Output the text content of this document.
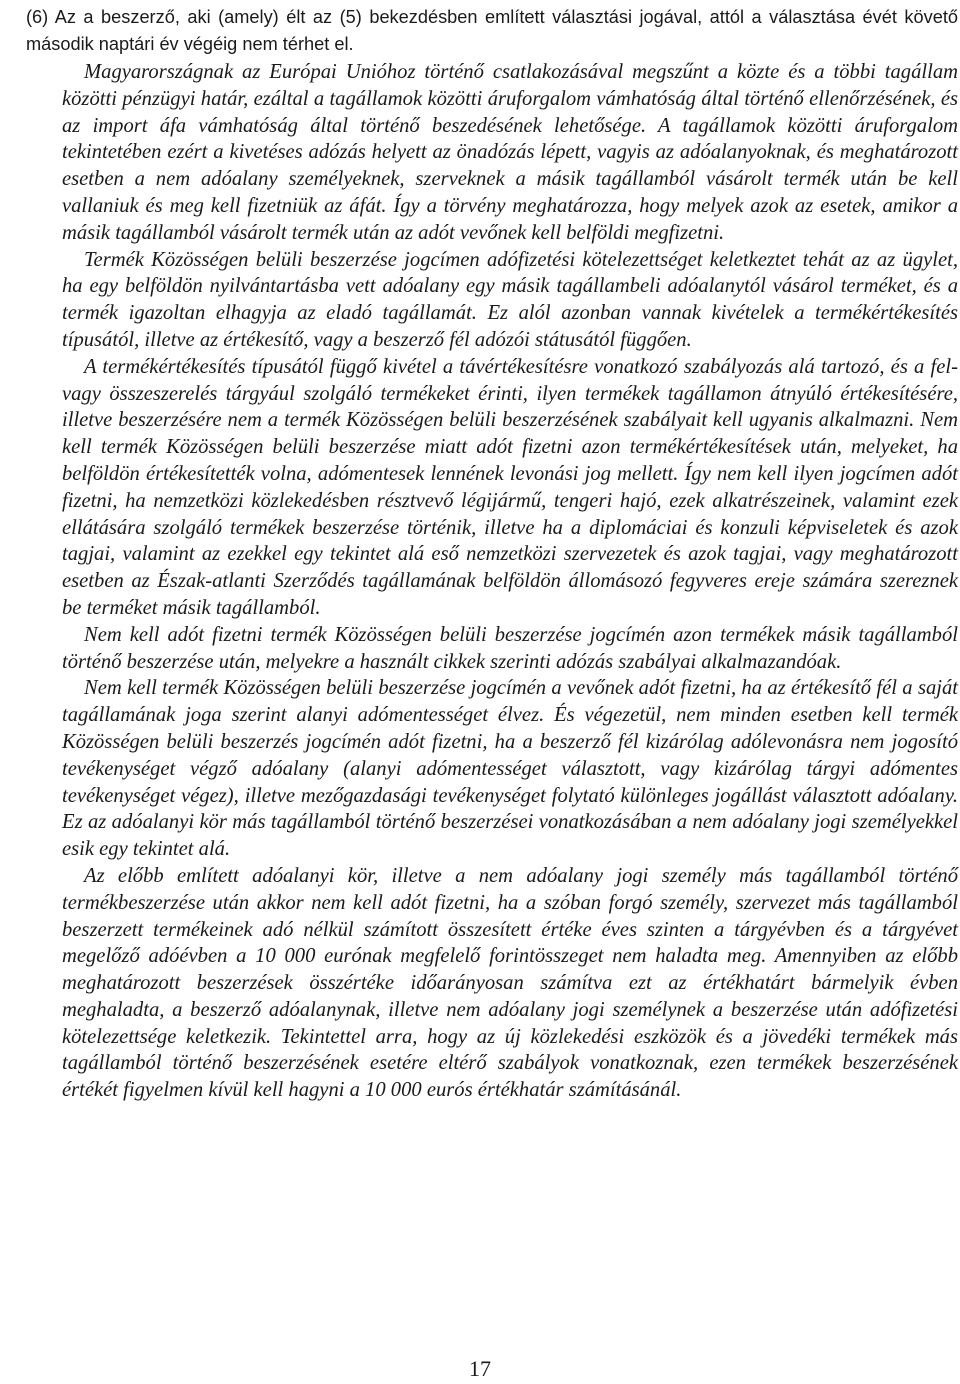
(6) Az a beszerző, aki (amely) élt az (5) bekezdésben említett választási jogával, attól a választása évét követő második naptári év végéig nem térhet el.

Magyarországnak az Európai Unióhoz történő csatlakozásával megszűnt a közte és a többi tagállam közötti pénzügyi határ, ezáltal a tagállamok közötti áruforgalom vámhatóság által történő ellenőrzésének, és az import áfa vámhatóság által történő beszedésének lehetősége. A tagállamok közötti áruforgalom tekintetében ezért a kivetéses adózás helyett az önadózás lépett, vagyis az adóalanyoknak, és meghatározott esetben a nem adóalany személyeknek, szerveknek a másik tagállamból vásárolt termék után be kell vallaniuk és meg kell fizetniük az áfát. Így a törvény meghatározza, hogy melyek azok az esetek, amikor a másik tagállamból vásárolt termék után az adót vevőnek kell belföldi megfizetni.

Termék Közösségen belüli beszerzése jogcímen adófizetési kötelezettséget keletkeztet tehát az az ügylet, ha egy belföldön nyilvántartásba vett adóalany egy másik tagállambeli adóalanytól vásárol terméket, és a termék igazoltan elhagyja az eladó tagállamát. Ez alól azonban vannak kivételek a termékértékesítés típusától, illetve az értékesítő, vagy a beszerző fél adózói státusától függően.

A termékértékesítés típusától függő kivétel a távértékesítésre vonatkozó szabályozás alá tartozó, és a fel- vagy összeszerelés tárgyául szolgáló termékeket érinti, ilyen termékek tagállamon átnyúló értékesítésére, illetve beszerzésére nem a termék Közösségen belüli beszerzésének szabályait kell ugyanis alkalmazni. Nem kell termék Közösségen belüli beszerzése miatt adót fizetni azon termékértékesítések után, melyeket, ha belföldön értékesítették volna, adómentesek lennének levonási jog mellett. Így nem kell ilyen jogcímen adót fizetni, ha nemzetközi közlekedésben résztvevő légijármű, tengeri hajó, ezek alkatrészeinek, valamint ezek ellátására szolgáló termékek beszerzése történik, illetve ha a diplomáciai és konzuli képviseletek és azok tagjai, valamint az ezekkel egy tekintet alá eső nemzetközi szervezetek és azok tagjai, vagy meghatározott esetben az Észak-atlanti Szerződés tagállamának belföldön állomásozó fegyveres ereje számára szereznek be terméket másik tagállamból.

Nem kell adót fizetni termék Közösségen belüli beszerzése jogcímén azon termékek másik tagállamból történő beszerzése után, melyekre a használt cikkek szerinti adózás szabályai alkalmazandóak.

Nem kell termék Közösségen belüli beszerzése jogcímén a vevőnek adót fizetni, ha az értékesítő fél a saját tagállamának joga szerint alanyi adómentességet élvez. És végezetül, nem minden esetben kell termék Közösségen belüli beszerzés jogcímén adót fizetni, ha a beszerző fél kizárólag adólevonásra nem jogosító tevékenységet végző adóalany (alanyi adómentességet választott, vagy kizárólag tárgyi adómentes tevékenységet végez), illetve mezőgazdasági tevékenységet folytató különleges jogállást választott adóalany. Ez az adóalanyi kör más tagállamból történő beszerzései vonatkozásában a nem adóalany jogi személyekkel esik egy tekintet alá.

Az előbb említett adóalanyi kör, illetve a nem adóalany jogi személy más tagállamból történő termékbeszerzése után akkor nem kell adót fizetni, ha a szóban forgó személy, szervezet más tagállamból beszerzett termékeinek adó nélkül számított összesített értéke éves szinten a tárgyévben és a tárgyévet megelőző adóévben a 10 000 eurónak megfelelő forintösszeget nem haladta meg. Amennyiben az előbb meghatározott beszerzések összértéke időarányosan számítva ezt az értékhatárt bármelyik évben meghaladta, a beszerző adóalanynak, illetve nem adóalany jogi személynek a beszerzése után adófizetési kötelezettsége keletkezik. Tekintettel arra, hogy az új közlekedési eszközök és a jövedéki termékek más tagállamból történő beszerzésének esetére eltérő szabályok vonatkoznak, ezen termékek beszerzésének értékét figyelmen kívül kell hagyni a 10 000 eurós értékhatár számításánál.

17
